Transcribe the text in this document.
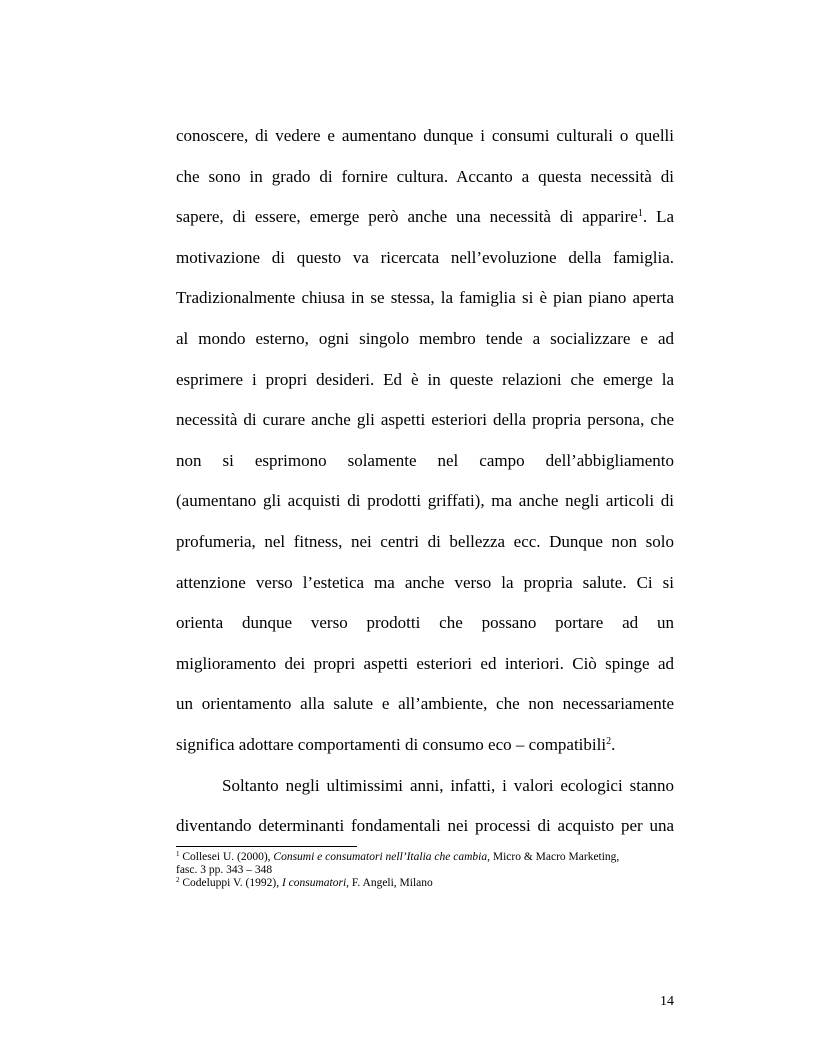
conoscere, di vedere e aumentano dunque i consumi culturali o quelli
che sono in grado di fornire cultura. Accanto a questa necessità di
sapere, di essere, emerge però anche una necessità di apparire$^1$. La
motivazione di questo va ricercata nell’evoluzione della famiglia.
Tradizionalmente chiusa in se stessa, la famiglia si è pian piano aperta
al mondo esterno, ogni singolo membro tende a socializzare e ad
esprimere i propri desideri. Ed è in queste relazioni che emerge la
necessità di curare anche gli aspetti esteriori della propria persona, che
non si esprimono solamente nel campo dell’abbigliamento
(aumentano gli acquisti di prodotti griffati), ma anche negli articoli di
profumeria, nel fitness, nei centri di bellezza ecc. Dunque non solo
attenzione verso l’estetica ma anche verso la propria salute. Ci si
orienta dunque verso prodotti che possano portare ad un
miglioramento dei propri aspetti esteriori ed interiori. Ciò spinge ad
un orientamento alla salute e all’ambiente, che non necessariamente
significa adottare comportamenti di consumo eco – compatibili$^2$.
Soltanto negli ultimissimi anni, infatti, i valori ecologici stanno
diventando determinanti fondamentali nei processi di acquisto per una
$^1$ Collesei U. (2000), Consumi e consumatori nell’Italia che cambia, Micro & Macro Marketing,
fasc. 3 pp. 343 – 348
$^2$ Codeluppi V. (1992), I consumatori, F. Angeli, Milano
14
